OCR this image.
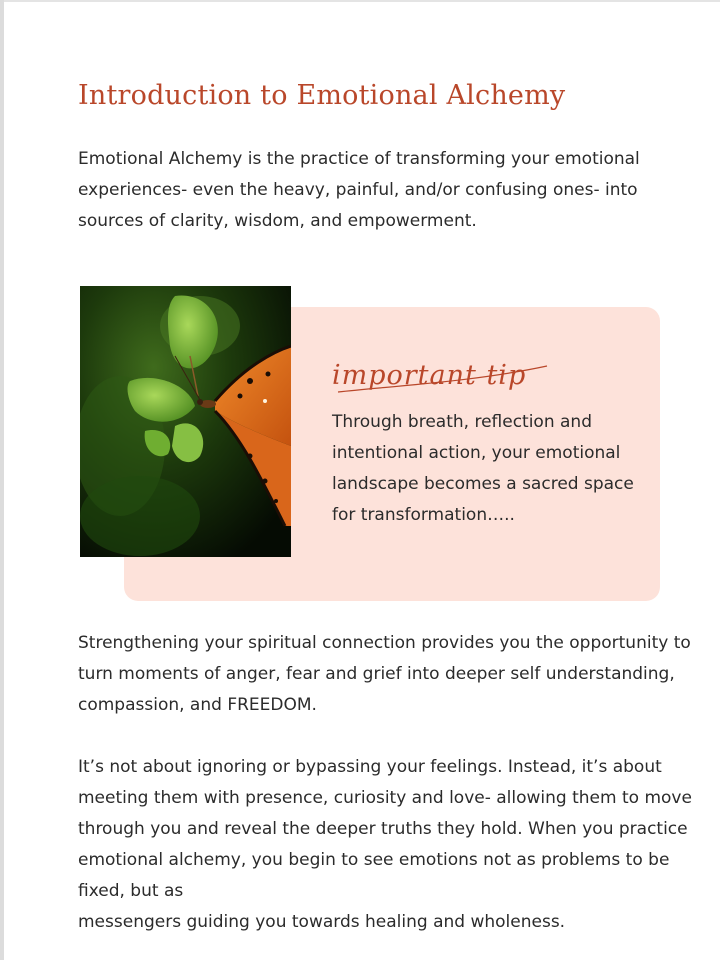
Introduction to Emotional Alchemy

Emotional Alchemy is the practice of transforming your emotional experiences- even the heavy, painful, and/or confusing ones- into sources of clarity, wisdom, and empowerment.

important tip

Through breath, reflection and intentional action, your emotional landscape becomes a sacred space for transformation…..

Strengthening your spiritual connection provides you the opportunity to turn moments of anger, fear and grief into deeper self understanding, compassion, and FREEDOM.

It’s not about ignoring or bypassing your feelings. Instead, it’s about meeting them with presence, curiosity and love- allowing them to move through you and reveal the deeper truths they hold. When you practice emotional alchemy, you begin to see emotions not as problems to be fixed, but as
messengers guiding you towards healing and wholeness.
